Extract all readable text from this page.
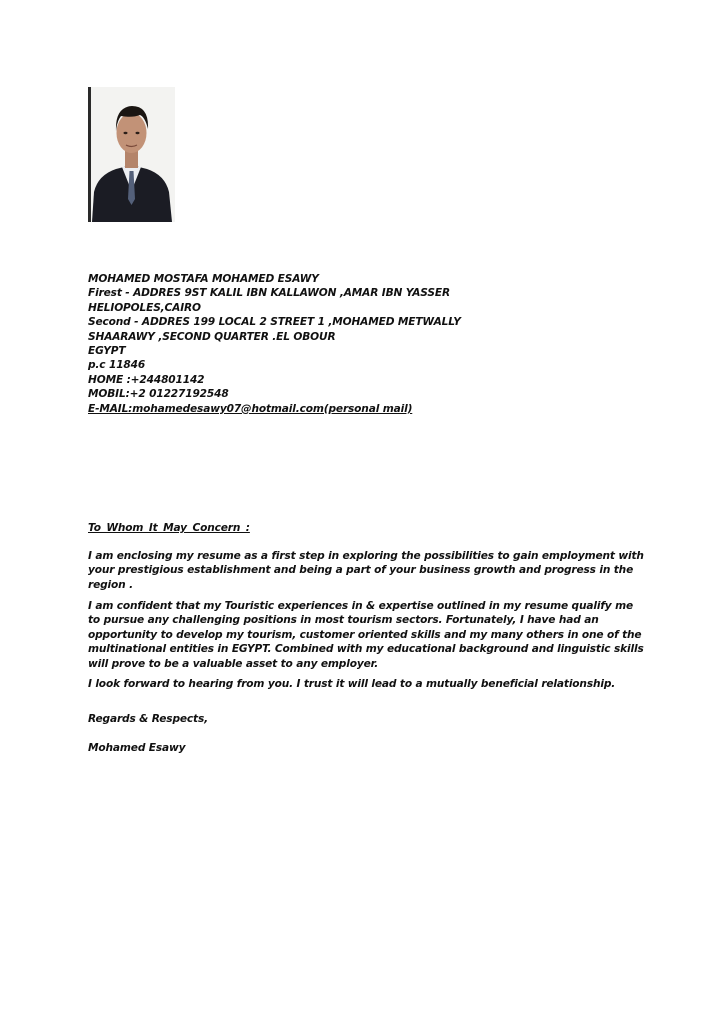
MOHAMED MOSTAFA MOHAMED ESAWY
Firest - ADDRES 9ST KALIL IBN KALLAWON ,AMAR IBN YASSER
HELIOPOLES,CAIRO
Second - ADDRES 199 LOCAL 2 STREET 1 ,MOHAMED METWALLY
SHAARAWY ,SECOND QUARTER .EL OBOUR
EGYPT
p.c 11846
HOME :+244801142
MOBIL:+2 01227192548
E-MAIL:mohamedesawy07@hotmail.com(personal mail)
To Whom It May Concern :
I am enclosing my resume as a first step in exploring the possibilities to gain employment with your prestigious establishment and being a part of your business growth and progress in the region .
I am confident that my Touristic experiences in & expertise outlined in my resume qualify me to pursue any challenging positions in most tourism sectors. Fortunately, I have had an opportunity to develop my tourism, customer oriented skills and my many others in one of the multinational entities in EGYPT. Combined with my educational background and linguistic skills will prove to be a valuable asset to any employer.
I look forward to hearing from you. I trust it will lead to a mutually beneficial relationship.
Regards & Respects,
Mohamed Esawy
